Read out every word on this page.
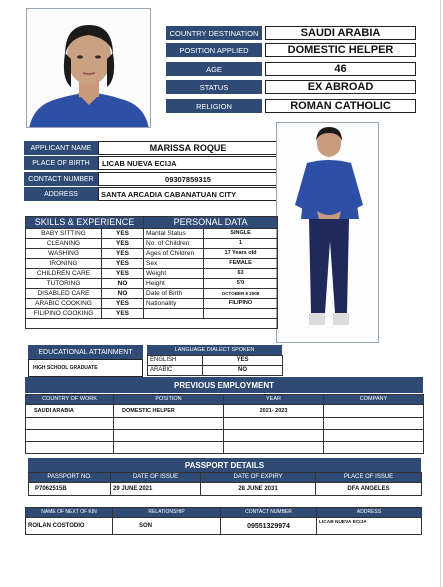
COUNTRY DESTINATION	SAUDI ARABIA
POSITION APPLIED	DOMESTIC HELPER
AGE	46
STATUS	EX ABROAD
RELIGION	ROMAN CATHOLIC
APPLICANT NAME	MARISSA ROQUE
PLACE OF BIRTH	LICAB NUEVA ECIJA
CONTACT NUMBER	09307859315
ADDRESS	SANTA ARCADIA CABANATUAN CITY
SKILLS & EXPERIENCE		PERSONAL DATA	
BABY SITTING	YES	Marital Status	SINGLE
CLEANING	YES	No. of Children	1
WASHING	YES	Ages of Children	17 Years old
IRONING	YES	Sex	FEMALE
CHILDREN CARE	YES	Weight	63
TUTORING	NO	Height	5'0
DISABLED CARE	NO	Date of Birth	OCTOBER 8 2008
ARABIC COOKING	YES	Nationality	FILIPINO
FILIPINO COOKING	YES		

EDUCATIONAL ATTAINMENT
HIGH SCHOOL GRADUATE
LANGUAGE DIALECT SPOKEN
ENGLISH	YES
ARABIC	NO
PREVIOUS EMPLOYMENT
COUNTRY OF WORK	POSITION	YEAR	COMPANY
SAUDI ARABIA	DOMESTIC HELPER	2021- 2023	

PASSPORT DETAILS
PASSPORT NO.	DATE OF ISSUE	DATE OF EXPIRY	PLACE OF ISSUE
P7062515B	29 JUNE 2021	28 JUNE 2031	DFA ANGELES
NAME OF NEXT OF KIN	RELATIONSHIP	CONTACT NUMBER	ADDRESS
ROILAN COSTODIO	SON	09551329974	LICAB NUEVA ECIJA
